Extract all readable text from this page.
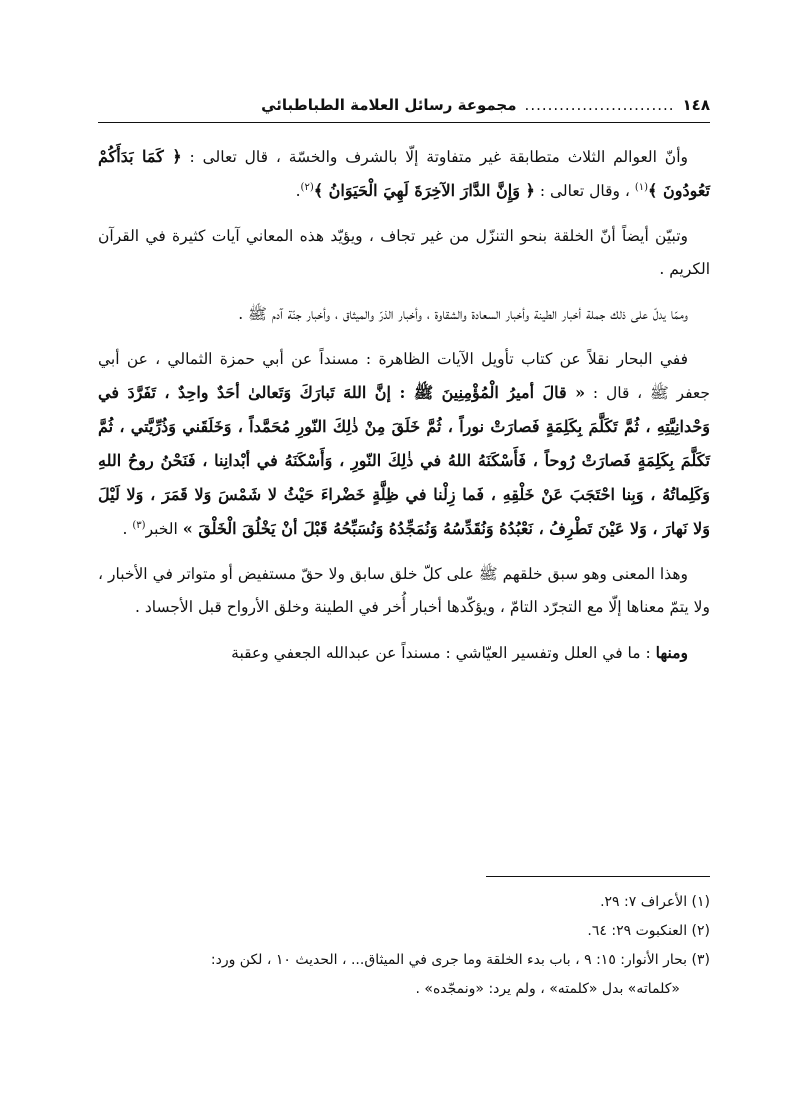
١٤٨
..........................
مجموعة رسائل العلامة الطباطبائي

وأنّ العوالم الثلاث متطابقة غير متفاوتة إلّا بالشرف والخسّة ، قال تعالى : ﴿ كَمَا بَدَأَكُمْ تَعُودُونَ ﴾$^{(١)}$ ، وقال تعالى : ﴿ وَإِنَّ الدَّارَ الآخِرَةَ لَهِيَ الْحَيَوَانُ ﴾$^{(٢)}$.

وتبيّن أيضاً أنّ الخلقة بنحو التنزّل من غير تجاف ، ويؤيّد هذه المعاني آيات كثيرة في القرآن الكريم .

وممّا يدلّ على ذلك جملة أخبار الطينة وأخبار السعادة والشقاوة ، وأخبار الذرّ والميثاق ، وأخبار جنّة آدم ﷺ .

ففي البحار نقلاً عن كتاب تأويل الآيات الظاهرة : مسنداً عن أبي حمزة الثمالي ، عن أبي جعفر ﷺ ، قال : « قالَ أميرُ الْمُؤْمِنِينَ ﷺ : إنَّ اللهَ تَبارَكَ وَتَعالىٰ أحَدٌ واحِدٌ ، تَفَرَّدَ في وَحْدانِيَّتِهِ ، ثُمَّ تَكَلَّمَ بِكَلِمَةٍ فَصارَتْ نوراً ، ثُمَّ خَلَقَ مِنْ ذٰلِكَ النّورِ مُحَمَّداً ، وَخَلَقَني وَذُرِّيَّتي ، ثُمَّ تَكَلَّمَ بِكَلِمَةٍ فَصارَتْ رُوحاً ، فَأَسْكَنَهُ اللهُ في ذٰلِكَ النّورِ ، وَأَسْكَنَهُ في أبْدانِنا ، فَنَحْنُ روحُ اللهِ وَكَلِماتُهُ ، وَبِنا احْتَجَبَ عَنْ خَلْقِهِ ، فَما زِلْنا في ظِلَّةٍ خَضْراءَ حَيْثُ لا شَمْسَ وَلا قَمَرَ ، وَلا لَيْلَ وَلا نَهارَ ، وَلا عَيْنَ تَطْرِفُ ، نَعْبُدُهُ وَنُقَدِّسُهُ وَنُمَجِّدُهُ وَنُسَبِّحُهُ قَبْلَ أنْ يَخْلُقَ الْخَلْقَ » الخبر$^{(٣)}$ .

وهذا المعنى وهو سبق خلقهم ﷺ على كلّ خلق سابق ولا حقّ مستفيض أو متواتر في الأخبار ، ولا يتمّ معناها إلّا مع التجرّد التامّ ، ويؤكّدها أخبار أُخر في الطينة وخلق الأرواح قبل الأجساد .

ومنها : ما في العلل وتفسير العيّاشي : مسنداً عن عبدالله الجعفي وعقبة

(١) الأعراف ٧: ٢٩.

(٢) العنكبوت ٢٩: ٦٤.

(٣) بحار الأنوار: ١٥: ٩ ، باب بدء الخلقة وما جرى في الميثاق... ، الحديث ١٠ ، لكن ورد:

«كلماته» بدل «كلمته» ، ولم يرد: «ونمجّده» .
